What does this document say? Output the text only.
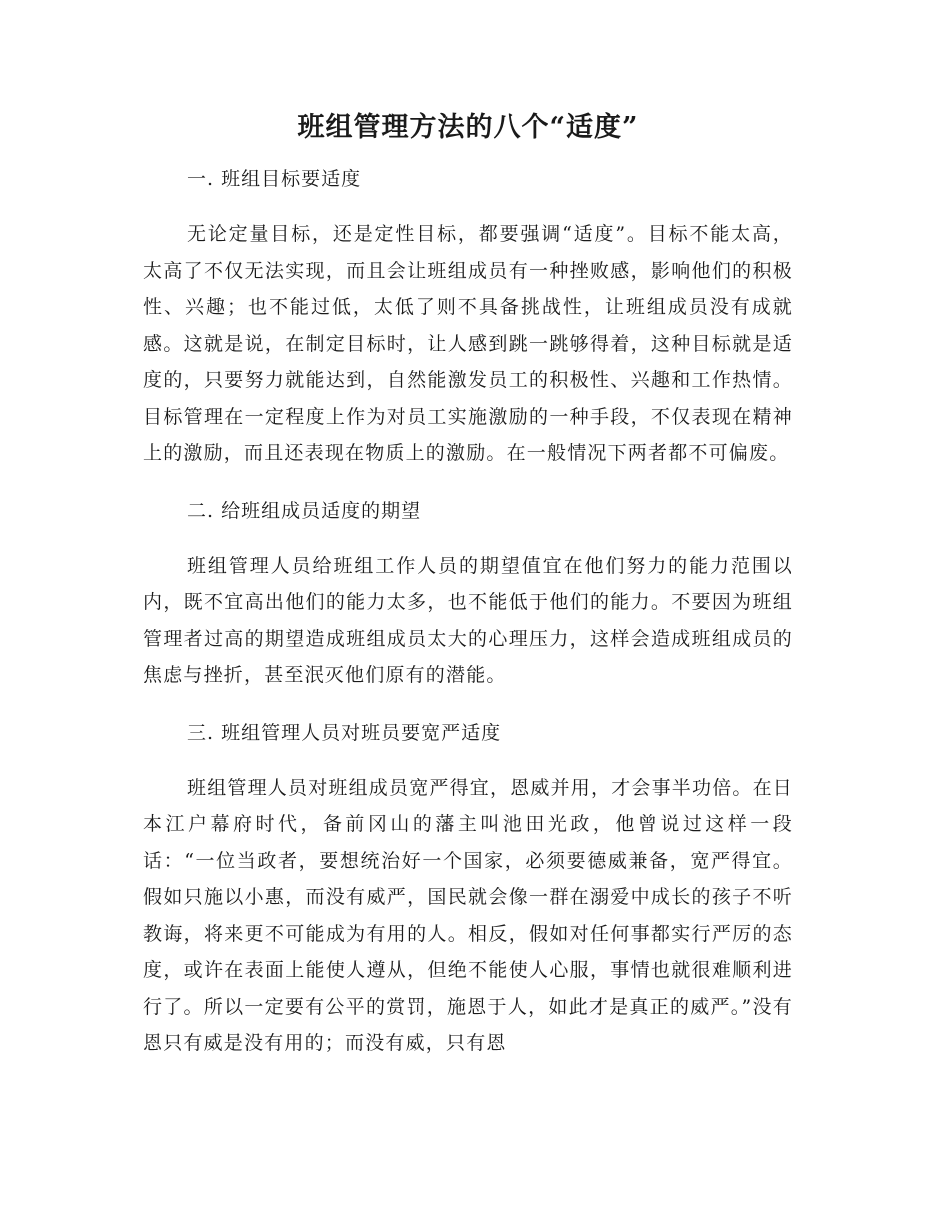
班组管理方法的八个“适度”

一. 班组目标要适度

无论定量目标，还是定性目标，都要强调“适度”。目标不能太高，太高了不仅无法实现，而且会让班组成员有一种挫败感，影响他们的积极性、兴趣；也不能过低，太低了则不具备挑战性，让班组成员没有成就感。这就是说，在制定目标时，让人感到跳一跳够得着，这种目标就是适度的，只要努力就能达到，自然能激发员工的积极性、兴趣和工作热情。目标管理在一定程度上作为对员工实施激励的一种手段，不仅表现在精神上的激励，而且还表现在物质上的激励。在一般情况下两者都不可偏废。

二. 给班组成员适度的期望

班组管理人员给班组工作人员的期望值宜在他们努力的能力范围以内，既不宜高出他们的能力太多，也不能低于他们的能力。不要因为班组管理者过高的期望造成班组成员太大的心理压力，这样会造成班组成员的焦虑与挫折，甚至泯灭他们原有的潜能。

三. 班组管理人员对班员要宽严适度

班组管理人员对班组成员宽严得宜，恩威并用，才会事半功倍。在日本江户幕府时代，备前冈山的藩主叫池田光政，他曾说过这样一段话：“一位当政者，要想统治好一个国家，必须要德威兼备，宽严得宜。假如只施以小惠，而没有威严，国民就会像一群在溺爱中成长的孩子不听教诲，将来更不可能成为有用的人。相反，假如对任何事都实行严厉的态度，或许在表面上能使人遵从，但绝不能使人心服，事情也就很难顺利进行了。所以一定要有公平的赏罚，施恩于人，如此才是真正的威严。”没有恩只有威是没有用的；而没有威，只有恩
